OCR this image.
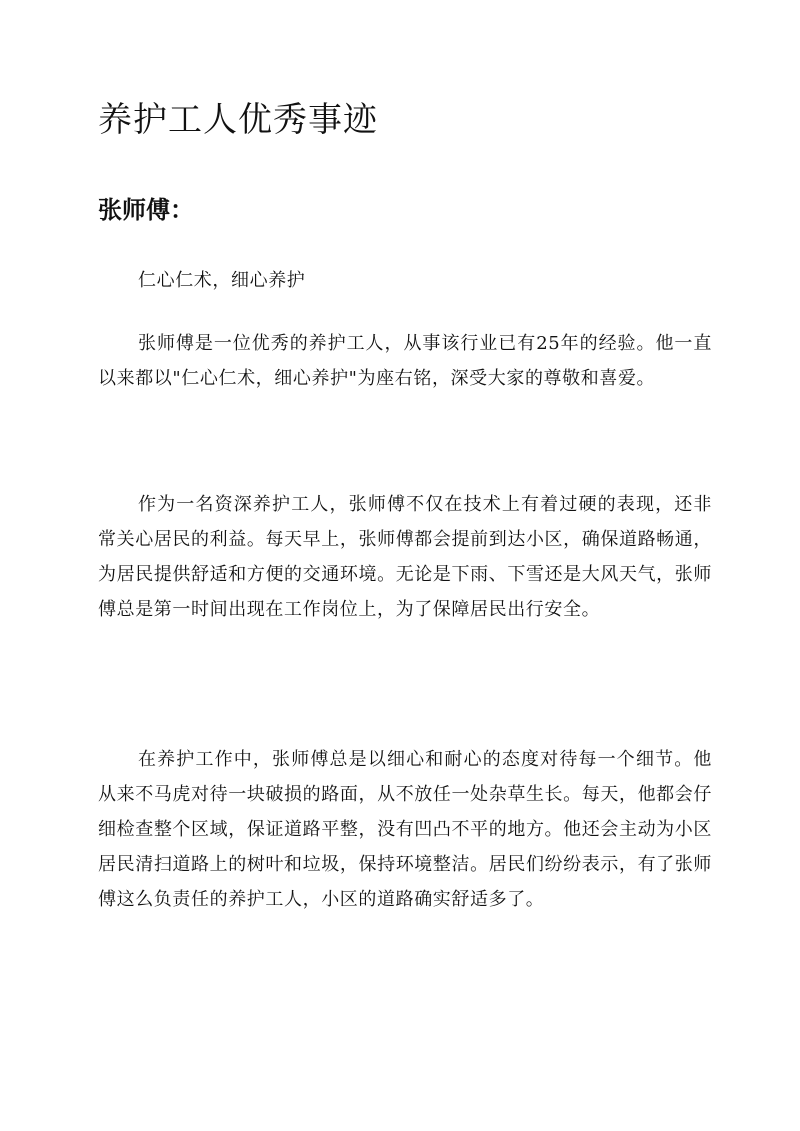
养护工人优秀事迹
张师傅：

仁心仁术，细心养护

张师傅是一位优秀的养护工人，从事该行业已有25年的经验。他一直以来都以"仁心仁术，细心养护"为座右铭，深受大家的尊敬和喜爱。

作为一名资深养护工人，张师傅不仅在技术上有着过硬的表现，还非常关心居民的利益。每天早上，张师傅都会提前到达小区，确保道路畅通，为居民提供舒适和方便的交通环境。无论是下雨、下雪还是大风天气，张师傅总是第一时间出现在工作岗位上，为了保障居民出行安全。

在养护工作中，张师傅总是以细心和耐心的态度对待每一个细节。他从来不马虎对待一块破损的路面，从不放任一处杂草生长。每天，他都会仔细检查整个区域，保证道路平整，没有凹凸不平的地方。他还会主动为小区居民清扫道路上的树叶和垃圾，保持环境整洁。居民们纷纷表示，有了张师傅这么负责任的养护工人，小区的道路确实舒适多了。
